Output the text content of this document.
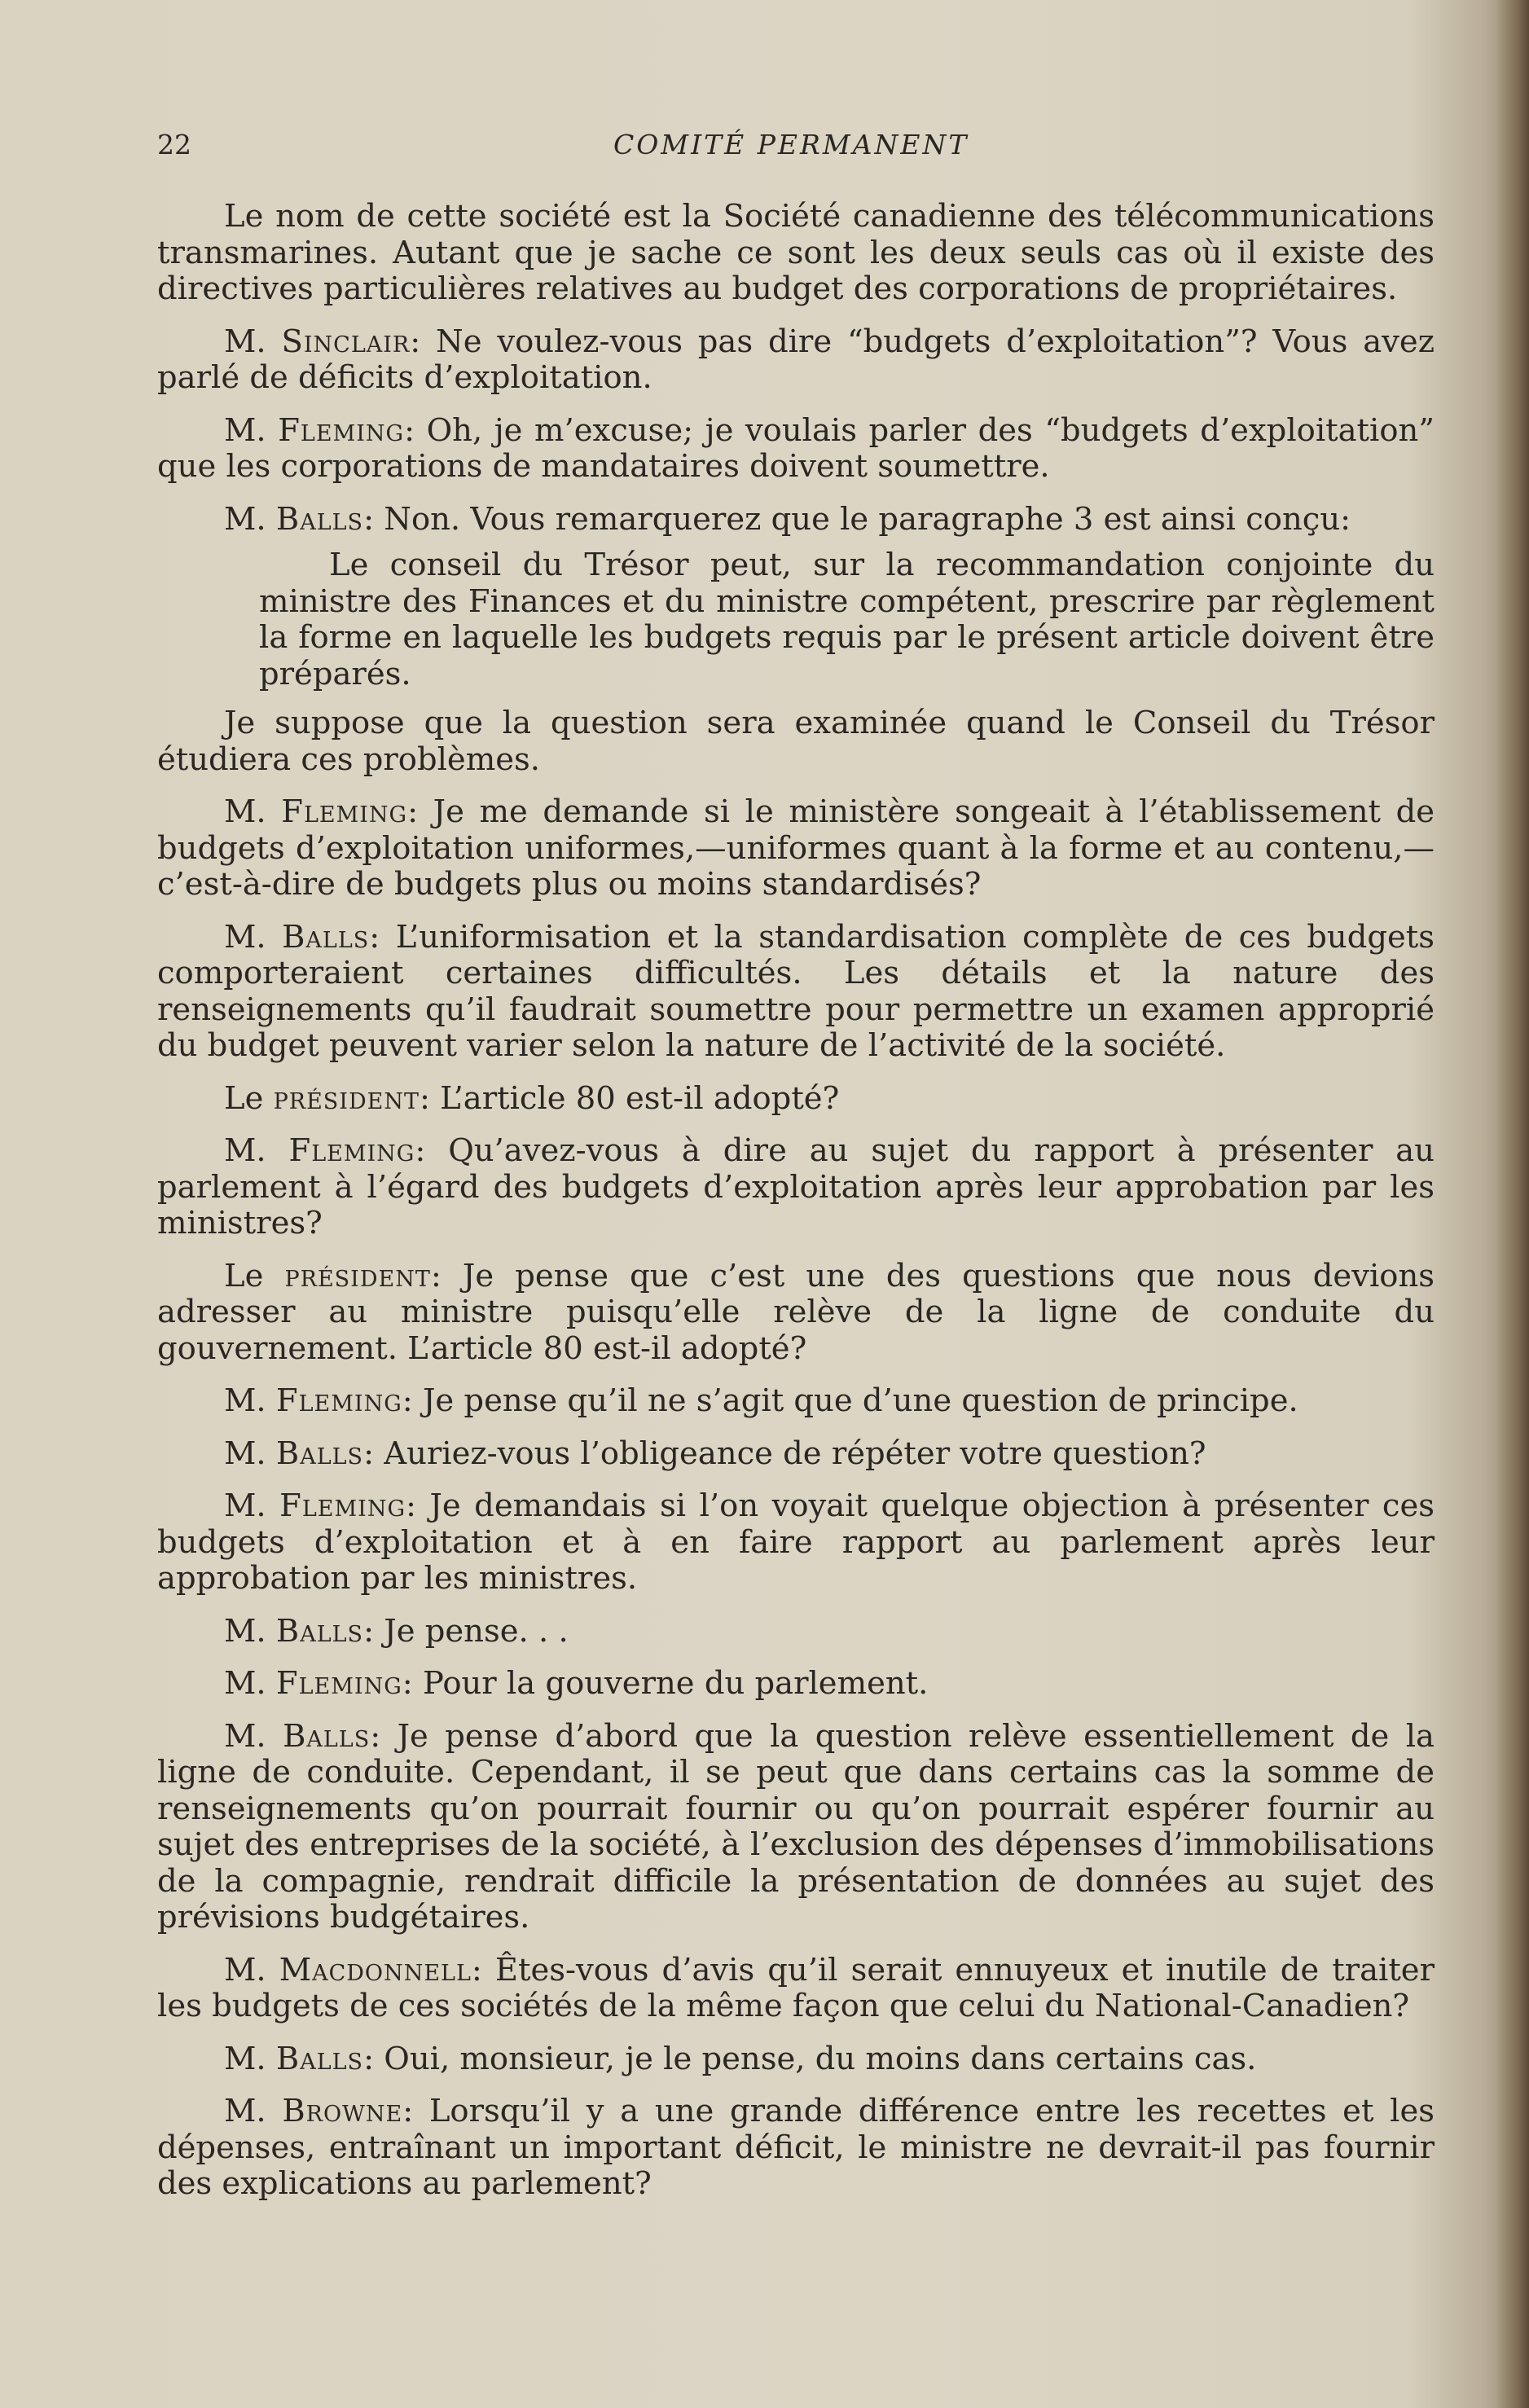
22	COMITÉ PERMANENT

Le nom de cette société est la Société canadienne des télécommunications transmarines. Autant que je sache ce sont les deux seuls cas où il existe des directives particulières relatives au budget des corporations de propriétaires.

M. Sinclair: Ne voulez-vous pas dire “budgets d’exploitation”? Vous avez parlé de déficits d’exploitation.

M. Fleming: Oh, je m’excuse; je voulais parler des “budgets d’exploitation” que les corporations de mandataires doivent soumettre.

M. Balls: Non. Vous remarquerez que le paragraphe 3 est ainsi conçu:

Le conseil du Trésor peut, sur la recommandation conjointe du ministre des Finances et du ministre compétent, prescrire par règlement la forme en laquelle les budgets requis par le présent article doivent être préparés.

Je suppose que la question sera examinée quand le Conseil du Trésor étudiera ces problèmes.

M. Fleming: Je me demande si le ministère songeait à l’établissement de budgets d’exploitation uniformes,—uniformes quant à la forme et au contenu,—c’est-à-dire de budgets plus ou moins standardisés?

M. Balls: L’uniformisation et la standardisation complète de ces budgets comporteraient certaines difficultés. Les détails et la nature des renseignements qu’il faudrait soumettre pour permettre un examen approprié du budget peuvent varier selon la nature de l’activité de la société.

Le président: L’article 80 est-il adopté?

M. Fleming: Qu’avez-vous à dire au sujet du rapport à présenter au parlement à l’égard des budgets d’exploitation après leur approbation par les ministres?

Le président: Je pense que c’est une des questions que nous devions adresser au ministre puisqu’elle relève de la ligne de conduite du gouvernement. L’article 80 est-il adopté?

M. Fleming: Je pense qu’il ne s’agit que d’une question de principe.

M. Balls: Auriez-vous l’obligeance de répéter votre question?

M. Fleming: Je demandais si l’on voyait quelque objection à présenter ces budgets d’exploitation et à en faire rapport au parlement après leur approbation par les ministres.

M. Balls: Je pense. . .

M. Fleming: Pour la gouverne du parlement.

M. Balls: Je pense d’abord que la question relève essentiellement de la ligne de conduite. Cependant, il se peut que dans certains cas la somme de renseignements qu’on pourrait fournir ou qu’on pourrait espérer fournir au sujet des entreprises de la société, à l’exclusion des dépenses d’immobilisations de la compagnie, rendrait difficile la présentation de données au sujet des prévisions budgétaires.

M. Macdonnell: Êtes-vous d’avis qu’il serait ennuyeux et inutile de traiter les budgets de ces sociétés de la même façon que celui du National-Canadien?

M. Balls: Oui, monsieur, je le pense, du moins dans certains cas.

M. Browne: Lorsqu’il y a une grande différence entre les recettes et les dépenses, entraînant un important déficit, le ministre ne devrait-il pas fournir des explications au parlement?
